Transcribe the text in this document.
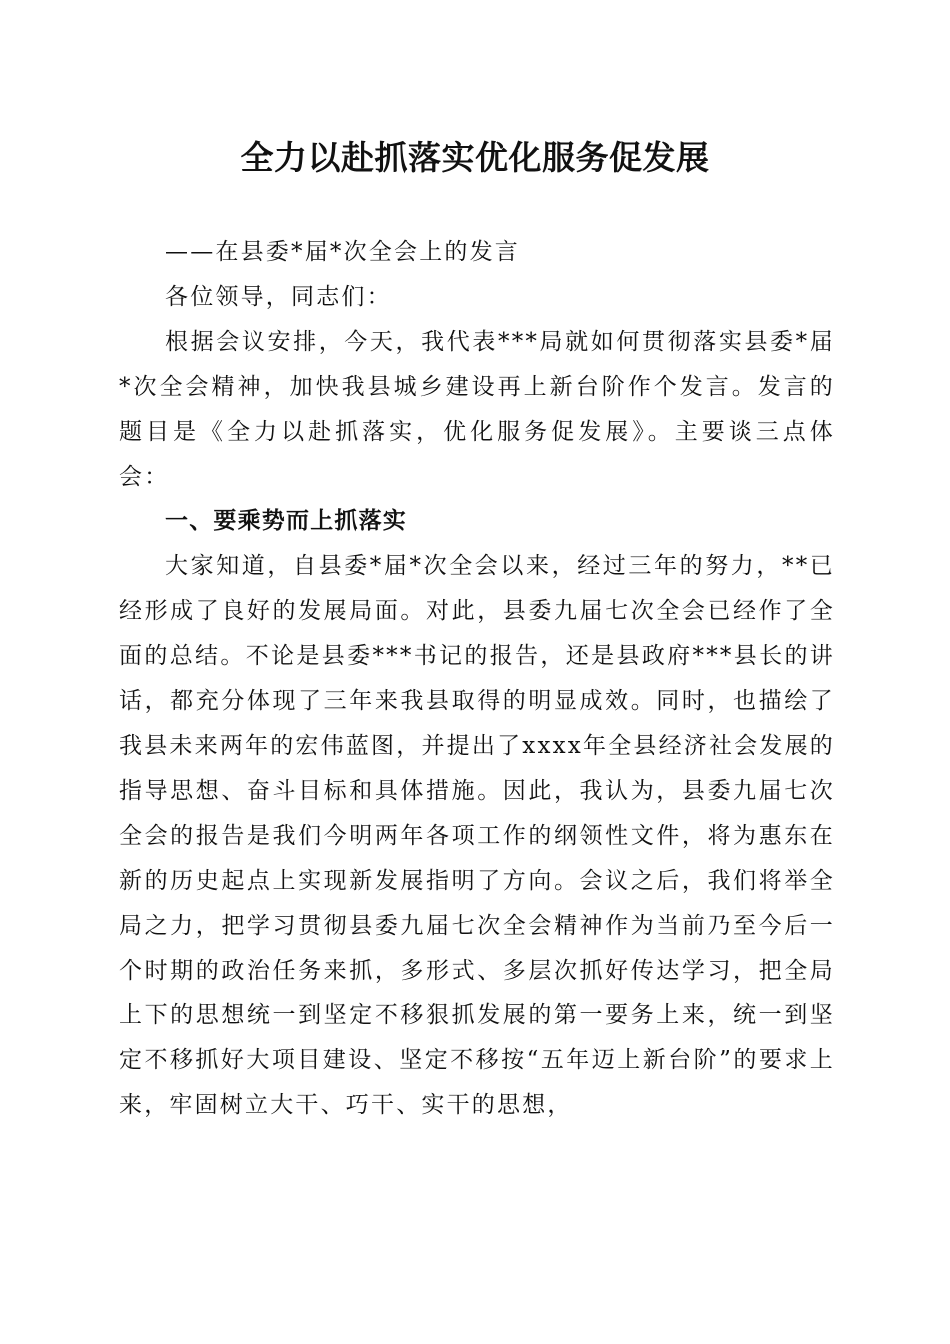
全力以赴抓落实优化服务促发展

——在县委*届*次全会上的发言

各位领导，同志们：

根据会议安排，今天，我代表***局就如何贯彻落实县委*届*次全会精神，加快我县城乡建设再上新台阶作个发言。发言的题目是《全力以赴抓落实，优化服务促发展》。主要谈三点体会：

一、要乘势而上抓落实

大家知道，自县委*届*次全会以来，经过三年的努力，**已经形成了良好的发展局面。对此，县委九届七次全会已经作了全面的总结。不论是县委***书记的报告，还是县政府***县长的讲话，都充分体现了三年来我县取得的明显成效。同时，也描绘了我县未来两年的宏伟蓝图，并提出了xxxx年全县经济社会发展的指导思想、奋斗目标和具体措施。因此，我认为，县委九届七次全会的报告是我们今明两年各项工作的纲领性文件，将为惠东在新的历史起点上实现新发展指明了方向。会议之后，我们将举全局之力，把学习贯彻县委九届七次全会精神作为当前乃至今后一个时期的政治任务来抓，多形式、多层次抓好传达学习，把全局上下的思想统一到坚定不移狠抓发展的第一要务上来，统一到坚定不移抓好大项目建设、坚定不移按“五年迈上新台阶”的要求上来，牢固树立大干、巧干、实干的思想，
